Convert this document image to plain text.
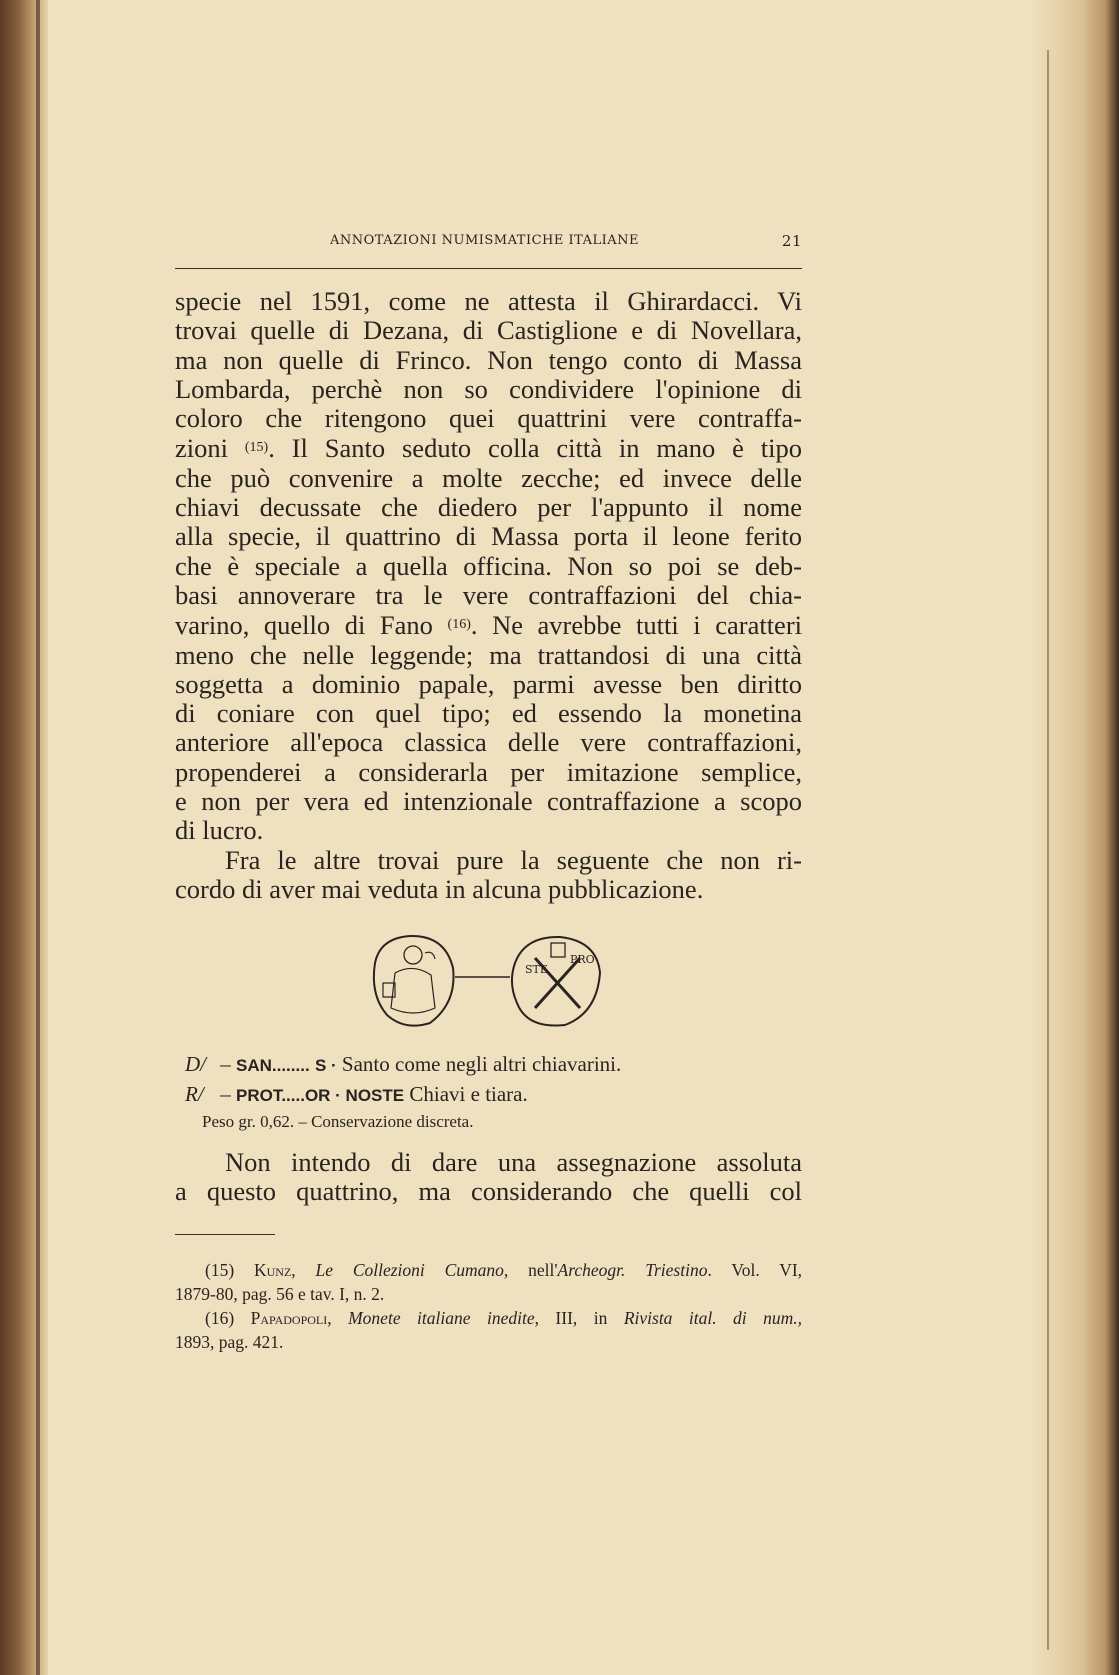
ANNOTAZIONI NUMISMATICHE ITALIANE	21
specie nel 1591, come ne attesta il Ghirardacci. Vi
trovai quelle di Dezana, di Castiglione e di Novellara,
ma non quelle di Frinco. Non tengo conto di Massa
Lombarda, perchè non so condividere l'opinione di
coloro che ritengono quei quattrini vere contraffa-
zioni $^{(15)}$. Il Santo seduto colla città in mano è tipo
che può convenire a molte zecche; ed invece delle
chiavi decussate che diedero per l'appunto il nome
alla specie, il quattrino di Massa porta il leone ferito
che è speciale a quella officina. Non so poi se deb-
basi annoverare tra le vere contraffazioni del chia-
varino, quello di Fano $^{(16)}$. Ne avrebbe tutti i caratteri
meno che nelle leggende; ma trattandosi di una città
soggetta a dominio papale, parmi avesse ben diritto
di coniare con quel tipo; ed essendo la monetina
anteriore all'epoca classica delle vere contraffazioni,
propenderei a considerarla per imitazione semplice,
e non per vera ed intenzionale contraffazione a scopo
di lucro.
Fra le altre trovai pure la seguente che non ri-
cordo di aver mai veduta in alcuna pubblicazione.
STE
PRO
D/ – SAN........ S · Santo come negli altri chiavarini.
R/ – PROT.....OR · NOSTE Chiavi e tiara.
Peso gr. 0,62. – Conservazione discreta.
Non intendo di dare una assegnazione assoluta
a questo quattrino, ma considerando che quelli col
(15) Kunz, Le Collezioni Cumano, nell'Archeogr. Triestino. Vol. VI,
1879-80, pag. 56 e tav. I, n. 2.
(16) Papadopoli, Monete italiane inedite, III, in Rivista ital. di num.,
1893, pag. 421.
